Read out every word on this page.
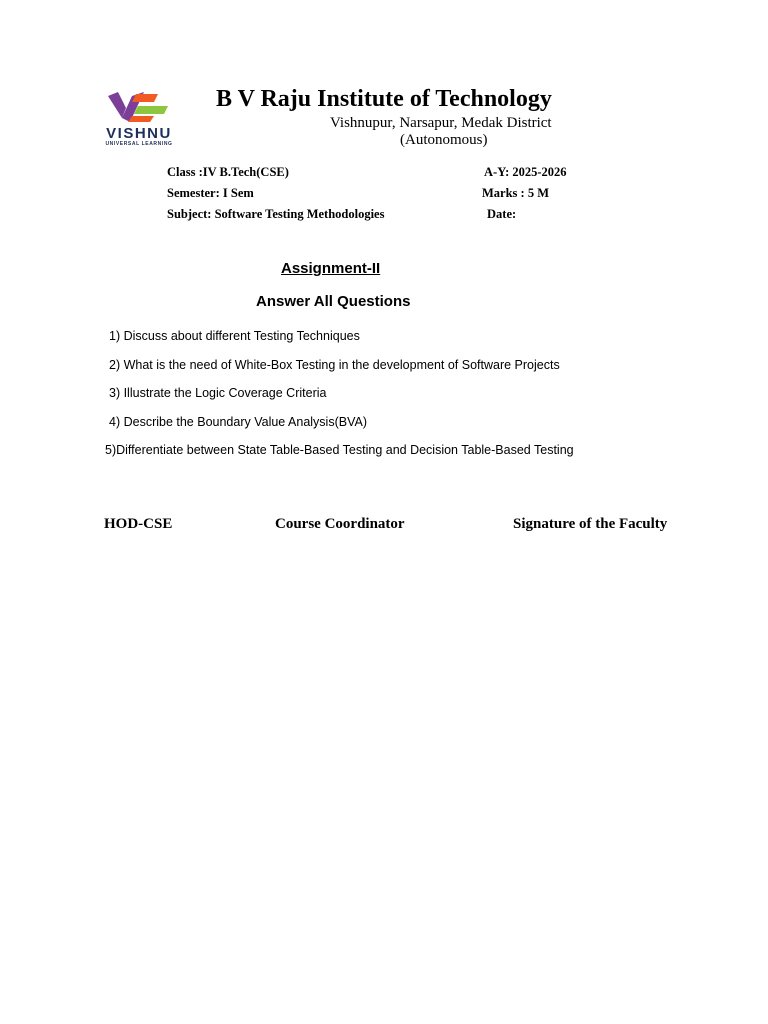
VISHNU
UNIVERSAL LEARNING
B V Raju Institute of Technology
Vishnupur, Narsapur, Medak District
(Autonomous)
Class :IV B.Tech(CSE)
Semester: I Sem
Subject: Software Testing Methodologies
A-Y: 2025-2026
Marks : 5 M
Date:
Assignment-II
Answer All Questions
1) Discuss about different Testing Techniques
2) What is the need of White-Box Testing in the development of Software Projects
3) Illustrate the Logic Coverage Criteria
4) Describe the Boundary Value Analysis(BVA)
5)Differentiate between State Table-Based Testing and Decision Table-Based Testing
HOD-CSE	Course Coordinator	Signature of the Faculty
